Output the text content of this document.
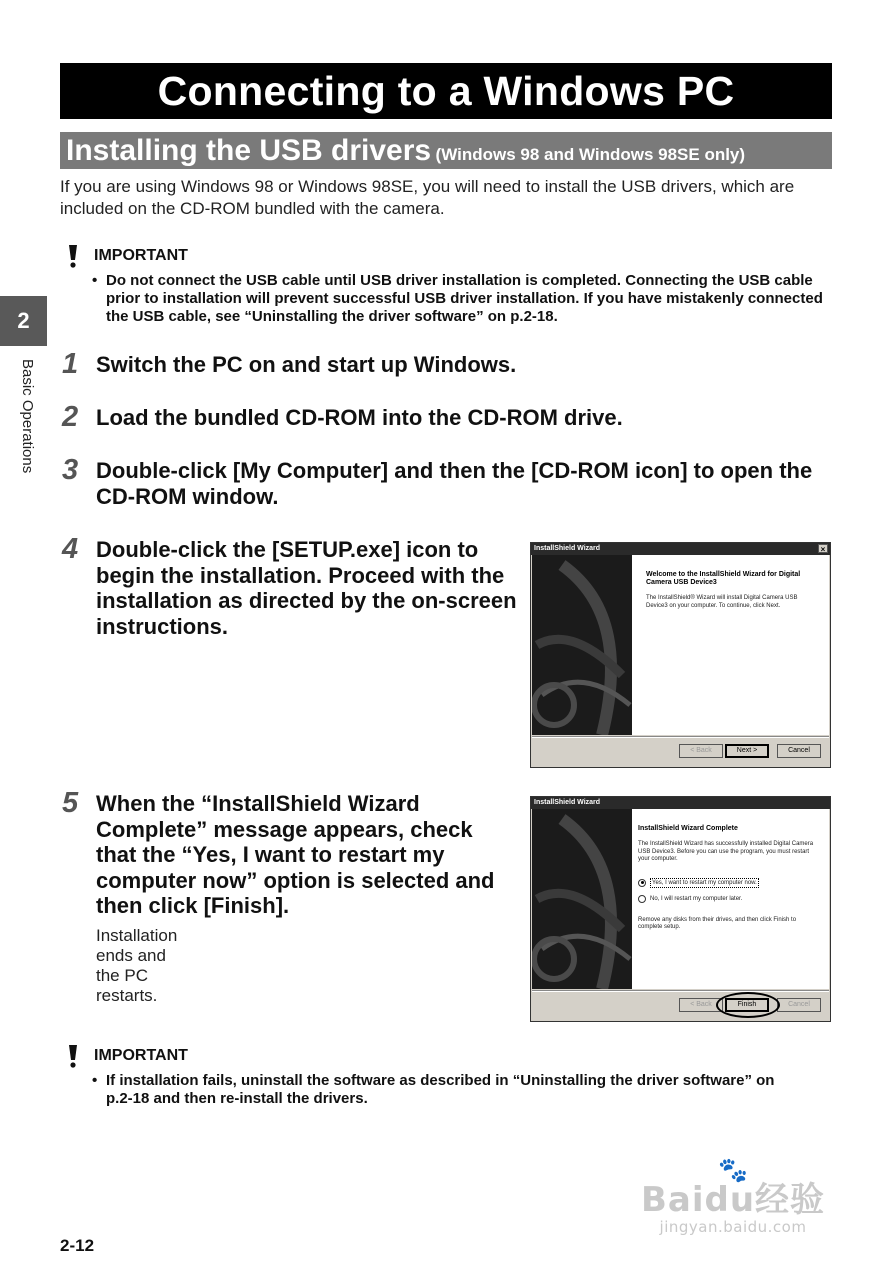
Connecting to a Windows PC
Installing the USB drivers (Windows 98 and Windows 98SE only)
If you are using Windows 98 or Windows 98SE, you will need to install the USB drivers, which are included on the CD-ROM bundled with the camera.
IMPORTANT
• Do not connect the USB cable until USB driver installation is completed. Connecting the USB cable prior to installation will prevent successful USB driver installation. If you have mistakenly connected the USB cable, see “Uninstalling the driver software” on p.2-18.
2
Basic Operations 1 Switch the PC on and start up Windows.
2 Load the bundled CD-ROM into the CD-ROM drive.
3 Double-click [My Computer] and then the [CD-ROM icon] to open the CD-ROM window.
4 Double-click the [SETUP.exe] icon to begin the installation. Proceed with the installation as directed by the on-screen instructions.
5 When the “InstallShield Wizard Complete” message appears, check that the “Yes, I want to restart my computer now” option is selected and then click [Finish].
Installation ends and the PC restarts.
InstallShield Wizard	×
Welcome to the InstallShield Wizard for Digital Camera USB Device3
The InstallShield® Wizard will install Digital Camera USB Device3 on your computer. To continue, click Next.
< Back	Next >	Cancel
InstallShield Wizard
InstallShield Wizard Complete
The InstallShield Wizard has successfully installed Digital Camera USB Device3. Before you can use the program, you must restart your computer.
Yes, I want to restart my computer now.
No, I will restart my computer later.
Remove any disks from their drives, and then click Finish to complete setup.
< Back	Finish	Cancel
IMPORTANT
• If installation fails, uninstall the software as described in “Uninstalling the driver software” on p.2-18 and then re-install the drivers.
2-12
🐾
Baidu经验
jingyan.baidu.com
